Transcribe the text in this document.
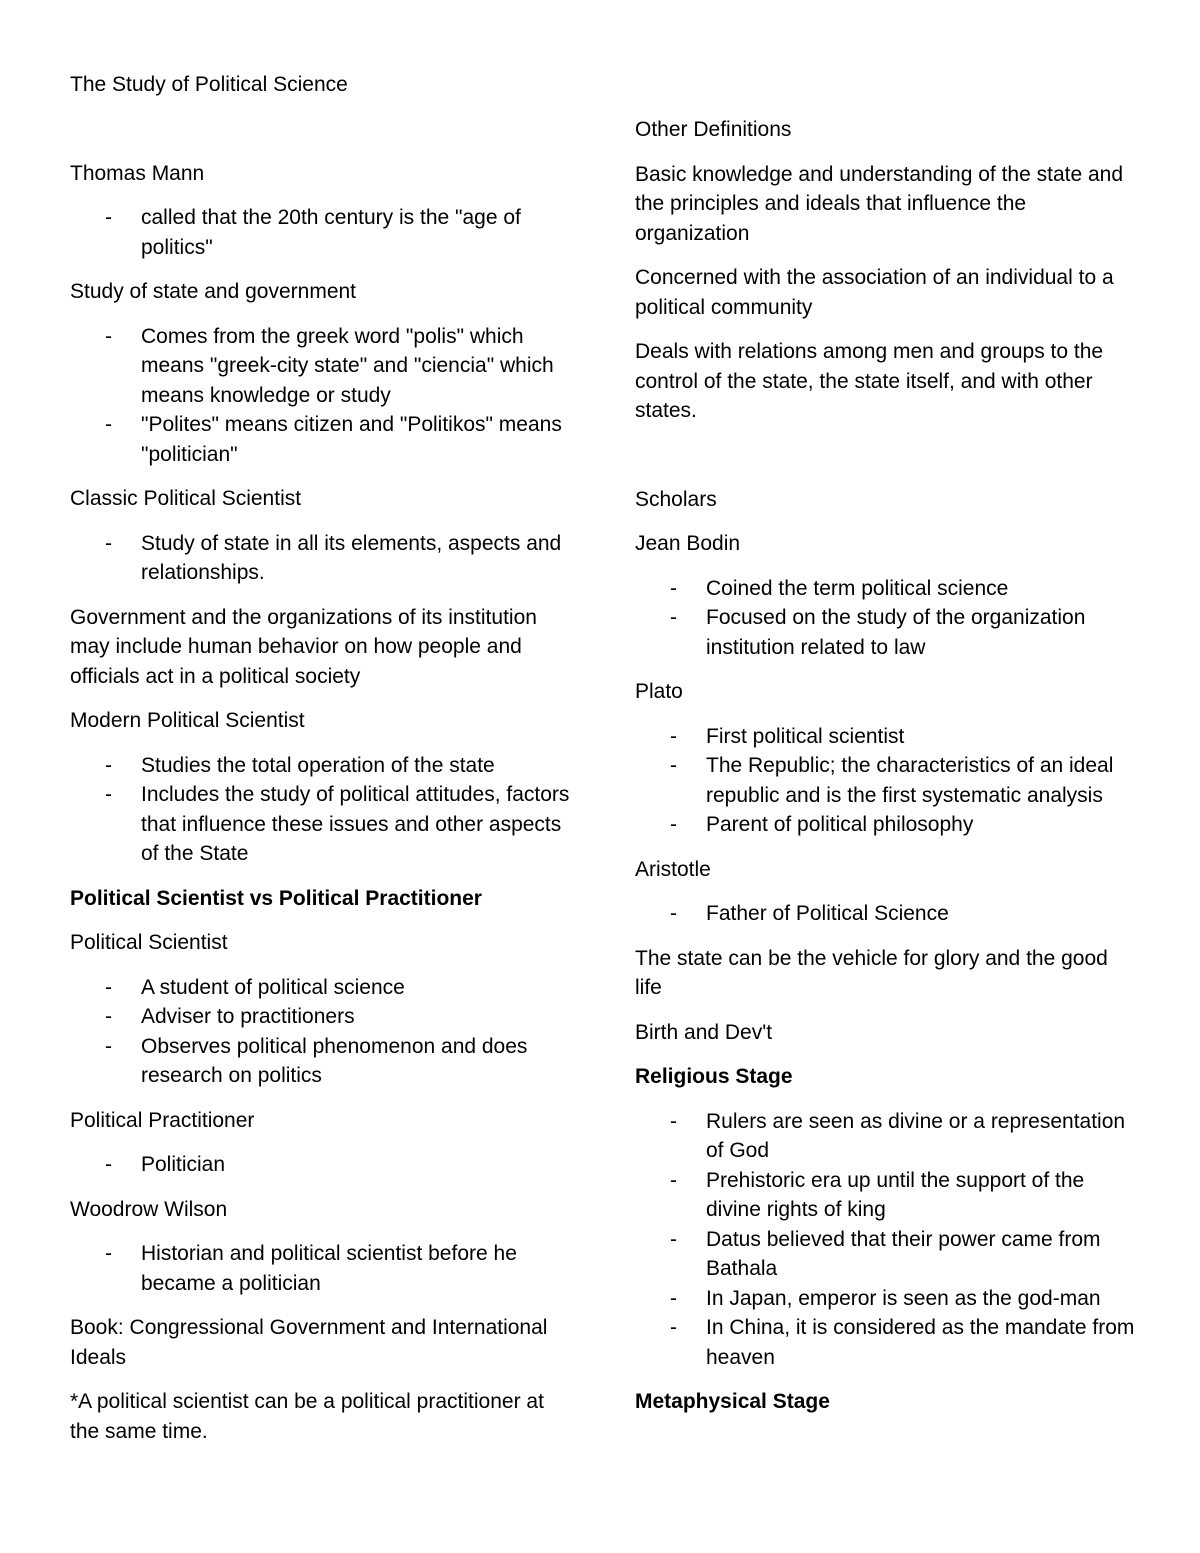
The Study of Political Science
Thomas Mann
- called that the 20th century is the "age of politics"
Study of state and government
- Comes from the greek word "polis" which means "greek-city state" and "ciencia" which means knowledge or study
- "Polites" means citizen and "Politikos" means "politician"
Classic Political Scientist
- Study of state in all its elements, aspects and relationships.
Government and the organizations of its institution may include human behavior on how people and officials act in a political society
Modern Political Scientist
- Studies the total operation of the state
- Includes the study of political attitudes, factors that influence these issues and other aspects of the State
Political Scientist vs Political Practitioner
Political Scientist
- A student of political science
- Adviser to practitioners
- Observes political phenomenon and does research on politics
Political Practitioner
- Politician
Woodrow Wilson
- Historian and political scientist before he became a politician
Book: Congressional Government and International Ideals
*A political scientist can be a political practitioner at the same time.
Other Definitions
Basic knowledge and understanding of the state and the principles and ideals that influence the organization
Concerned with the association of an individual to a political community
Deals with relations among men and groups to the control of the state, the state itself, and with other states.
Scholars
Jean Bodin
- Coined the term political science
- Focused on the study of the organization institution related to law
Plato
- First political scientist
- The Republic; the characteristics of an ideal republic and is the first systematic analysis
- Parent of political philosophy
Aristotle
- Father of Political Science
The state can be the vehicle for glory and the good life
Birth and Dev't
Religious Stage
- Rulers are seen as divine or a representation of God
- Prehistoric era up until the support of the divine rights of king
- Datus believed that their power came from Bathala
- In Japan, emperor is seen as the god-man
- In China, it is considered as the mandate from heaven
Metaphysical Stage
